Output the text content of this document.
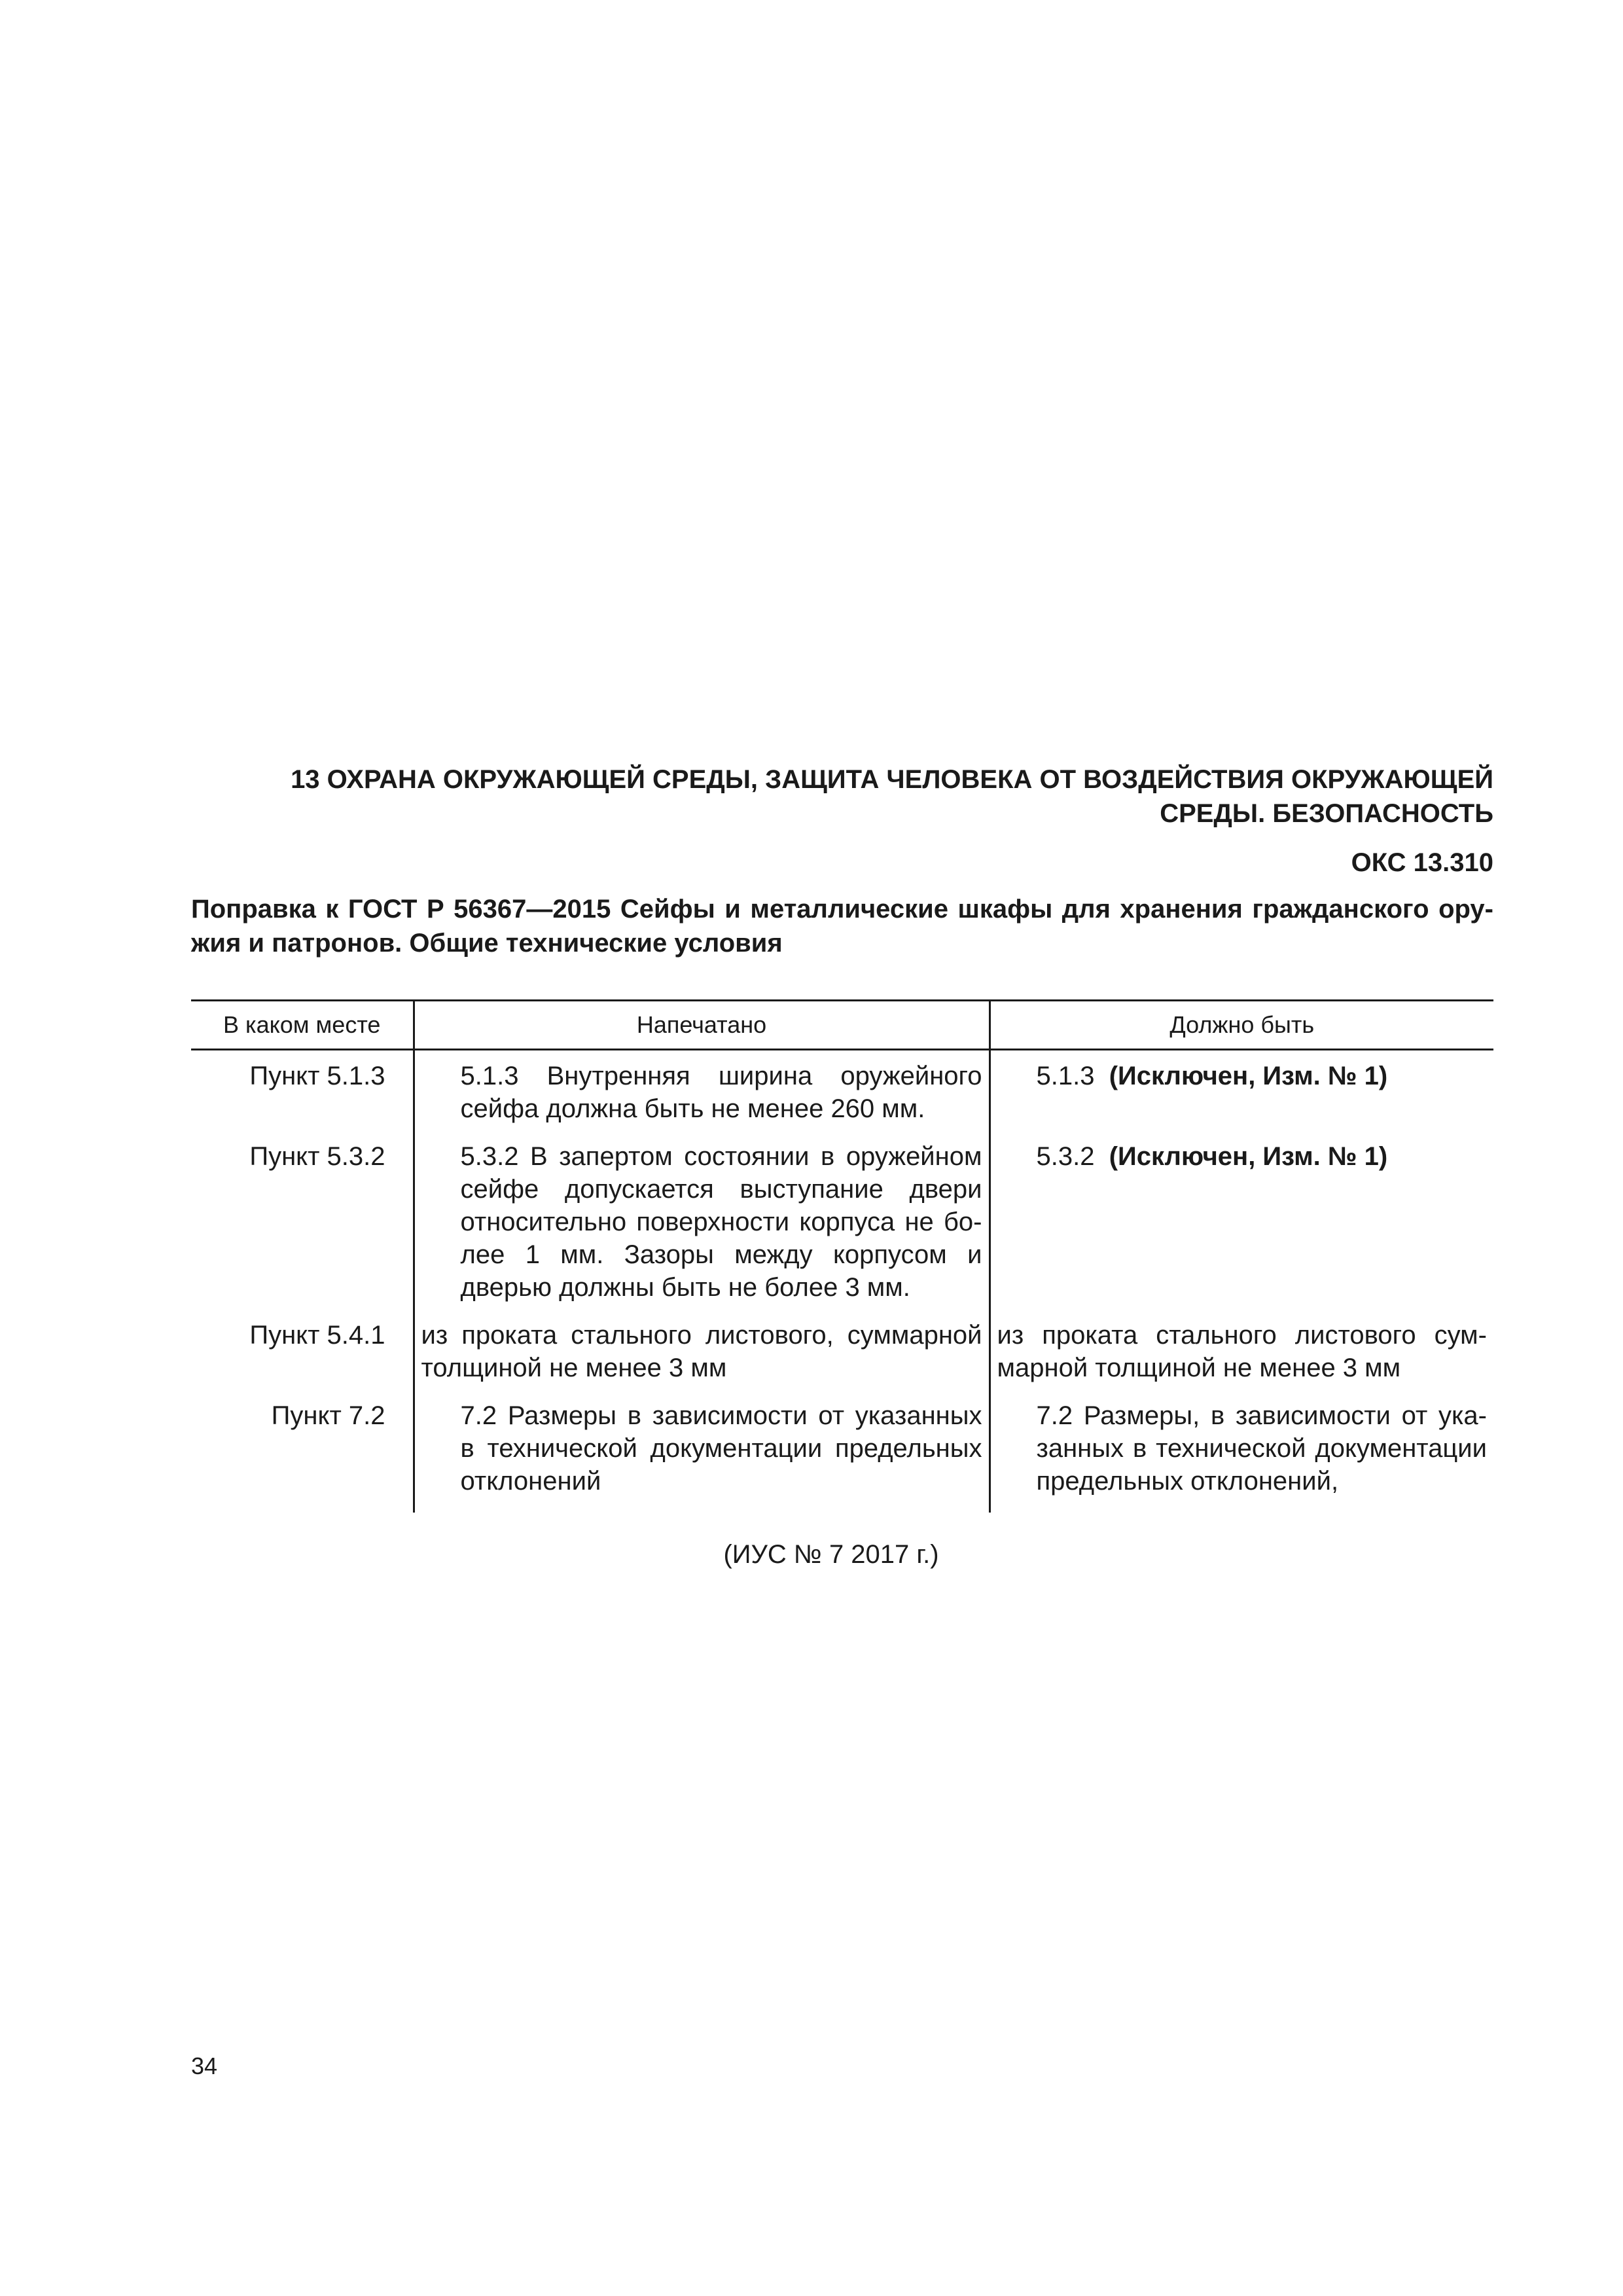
13 ОХРАНА ОКРУЖАЮЩЕЙ СРЕДЫ, ЗАЩИТА ЧЕЛОВЕКА ОТ ВОЗДЕЙСТВИЯ ОКРУЖАЮЩЕЙ
СРЕДЫ. БЕЗОПАСНОСТЬ
ОКС 13.310
Поправка к ГОСТ Р 56367—2015 Сейфы и металлические шкафы для хранения гражданского оружия и патронов. Общие технические условия
В каком месте	Напечатано	Должно быть
Пункт 5.1.3	5.1.3 Внутренняя ширина оружейного сейфа должна быть не менее 260 мм.	5.1.3 (Исключен, Изм. № 1)

Пункт 5.3.2	5.3.2 В запертом состоянии в оружейном сейфе допускается выступание двери относительно поверхности корпуса не более 1 мм. Зазоры между корпусом и дверью должны быть не более 3 мм.	5.3.2 (Исключен, Изм. № 1)

Пункт 5.4.1	из проката стального листового, суммарной толщиной не менее 3 мм	из проката стального листового суммарной толщиной не менее 3 мм
Пункт 7.2	7.2 Размеры в зависимости от указанных в технической документации предельных отклонений	7.2 Размеры, в зависимости от указанных в технической документации предельных отклонений,
(ИУС № 7 2017 г.)
34
